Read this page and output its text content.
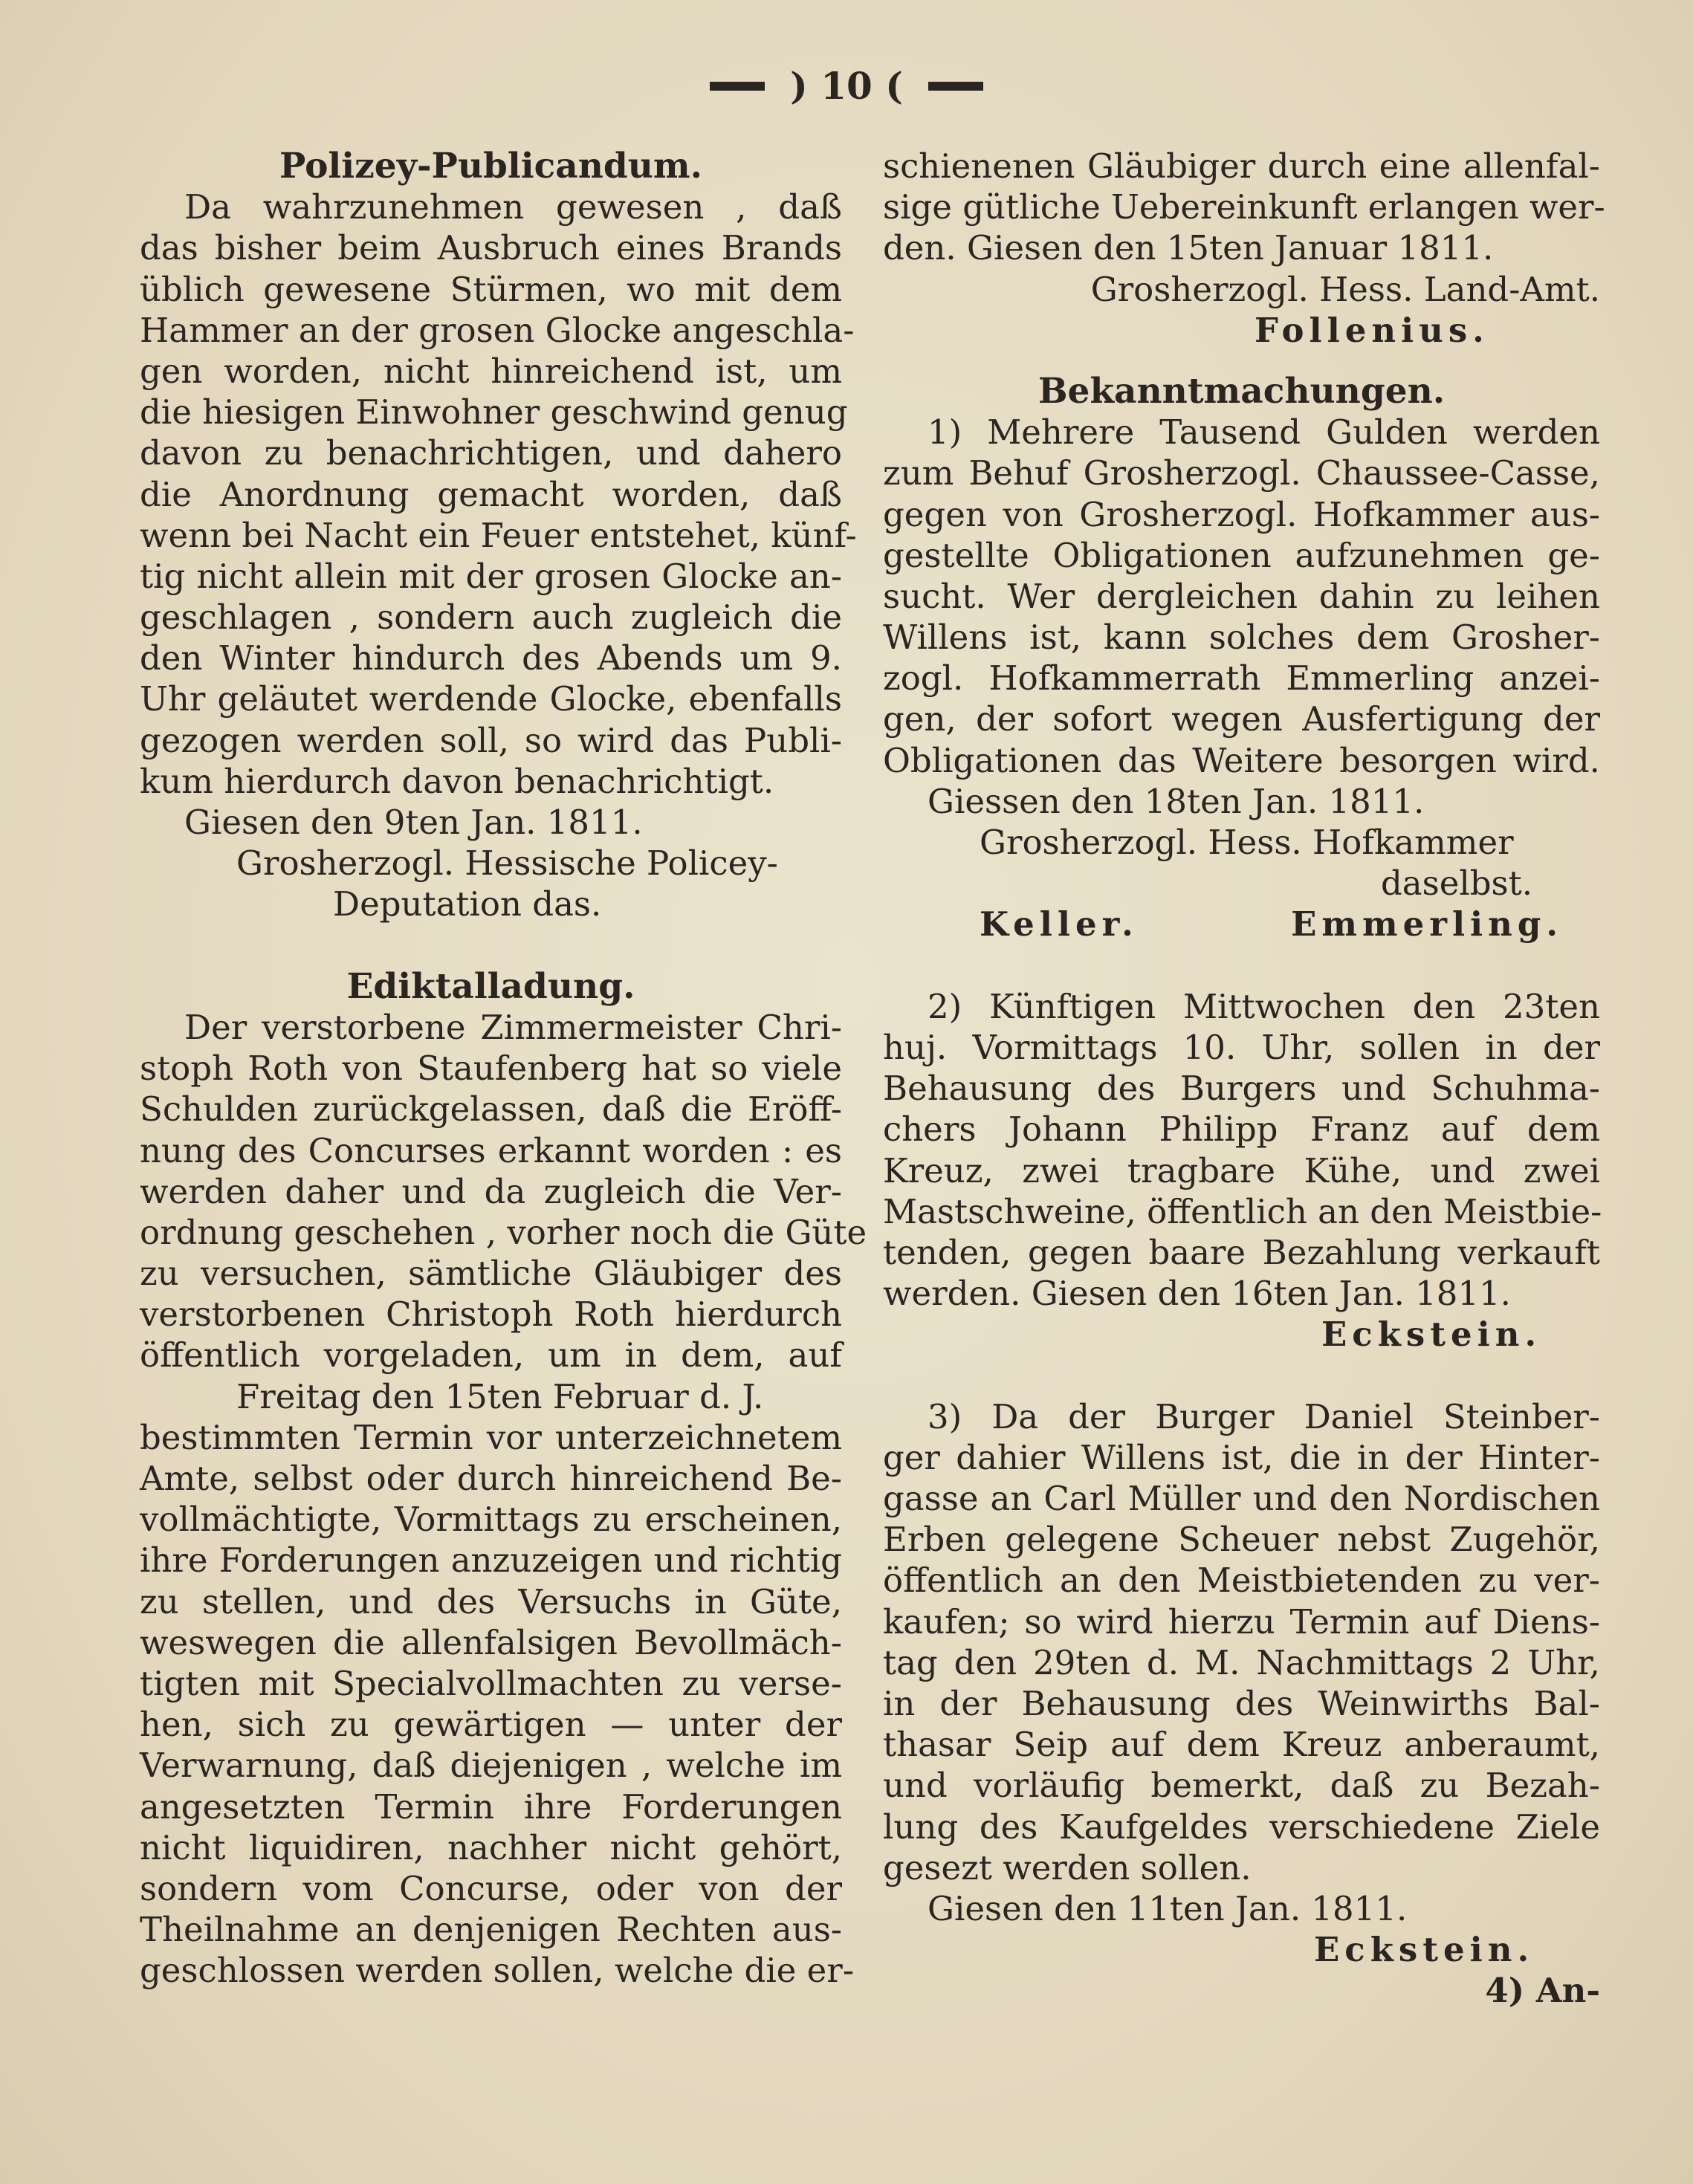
) 10 (
Polizey-Publicandum.
Da wahrzunehmen gewesen , daß
das bisher beim Ausbruch eines Brands
üblich gewesene Stürmen, wo mit dem
Hammer an der grosen Glocke angeschla-
gen worden, nicht hinreichend ist, um
die hiesigen Einwohner geschwind genug
davon zu benachrichtigen, und dahero
die Anordnung gemacht worden, daß
wenn bei Nacht ein Feuer entstehet, künf-
tig nicht allein mit der grosen Glocke an-
geschlagen , sondern auch zugleich die
den Winter hindurch des Abends um 9.
Uhr geläutet werdende Glocke, ebenfalls
gezogen werden soll, so wird das Publi-
kum hierdurch davon benachrichtigt.
Giesen den 9ten Jan. 1811.
Grosherzogl. Hessische Policey-
Deputation das.
Ediktalladung.
Der verstorbene Zimmermeister Chri-
stoph Roth von Staufenberg hat so viele
Schulden zurückgelassen, daß die Eröff-
nung des Concurses erkannt worden : es
werden daher und da zugleich die Ver-
ordnung geschehen , vorher noch die Güte
zu versuchen, sämtliche Gläubiger des
verstorbenen Christoph Roth hierdurch
öffentlich vorgeladen, um in dem, auf
Freitag den 15ten Februar d. J.
bestimmten Termin vor unterzeichnetem
Amte, selbst oder durch hinreichend Be-
vollmächtigte, Vormittags zu erscheinen,
ihre Forderungen anzuzeigen und richtig
zu stellen, und des Versuchs in Güte,
weswegen die allenfalsigen Bevollmäch-
tigten mit Specialvollmachten zu verse-
hen, sich zu gewärtigen — unter der
Verwarnung, daß diejenigen , welche im
angesetzten Termin ihre Forderungen
nicht liquidiren, nachher nicht gehört,
sondern vom Concurse, oder von der
Theilnahme an denjenigen Rechten aus-
geschlossen werden sollen, welche die er-
schienenen Gläubiger durch eine allenfal-
sige gütliche Uebereinkunft erlangen wer-
den. Giesen den 15ten Januar 1811.
Grosherzogl. Hess. Land-Amt.
Follenius.
Bekanntmachungen.
1) Mehrere Tausend Gulden werden
zum Behuf Grosherzogl. Chaussee-Casse,
gegen von Grosherzogl. Hofkammer aus-
gestellte Obligationen aufzunehmen ge-
sucht. Wer dergleichen dahin zu leihen
Willens ist, kann solches dem Grosher-
zogl. Hofkammerrath Emmerling anzei-
gen, der sofort wegen Ausfertigung der
Obligationen das Weitere besorgen wird.
Giessen den 18ten Jan. 1811.
Grosherzogl. Hess. Hofkammer
daselbst.
Keller.	Emmerling.
2) Künftigen Mittwochen den 23ten
huj. Vormittags 10. Uhr, sollen in der
Behausung des Burgers und Schuhma-
chers Johann Philipp Franz auf dem
Kreuz, zwei tragbare Kühe, und zwei
Mastschweine, öffentlich an den Meistbie-
tenden, gegen baare Bezahlung verkauft
werden. Giesen den 16ten Jan. 1811.
Eckstein.
3) Da der Burger Daniel Steinber-
ger dahier Willens ist, die in der Hinter-
gasse an Carl Müller und den Nordischen
Erben gelegene Scheuer nebst Zugehör,
öffentlich an den Meistbietenden zu ver-
kaufen; so wird hierzu Termin auf Diens-
tag den 29ten d. M. Nachmittags 2 Uhr,
in der Behausung des Weinwirths Bal-
thasar Seip auf dem Kreuz anberaumt,
und vorläufig bemerkt, daß zu Bezah-
lung des Kaufgeldes verschiedene Ziele
gesezt werden sollen.
Giesen den 11ten Jan. 1811.
Eckstein.
4) An-
